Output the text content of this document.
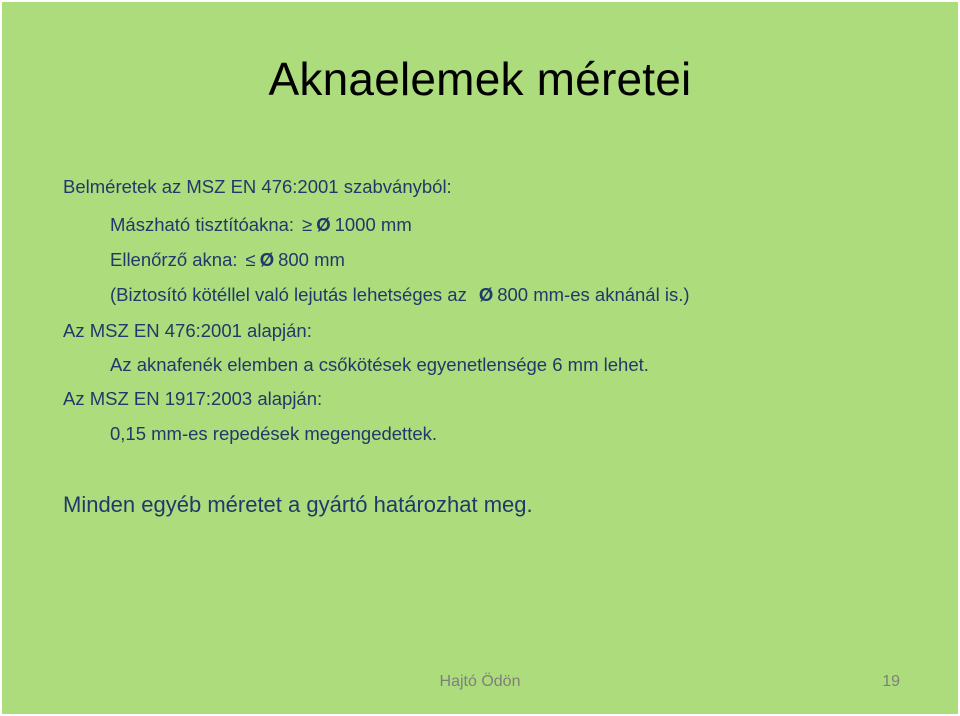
Aknaelemek méretei
Belméretek az MSZ EN 476:2001 szabványból:
Mászható tisztítóakna: ≥ Ø 1000 mm
Ellenőrző akna: ≤ Ø 800 mm
(Biztosító kötéllel való lejutás lehetséges az Ø 800 mm-es aknánál is.)
Az MSZ EN 476:2001 alapján:
Az aknafenék elemben a csőkötések egyenetlensége 6 mm lehet.
Az MSZ EN 1917:2003 alapján:
0,15 mm-es repedések megengedettek.
Minden egyéb méretet a gyártó határozhat meg.
Hajtó Ödön	19
